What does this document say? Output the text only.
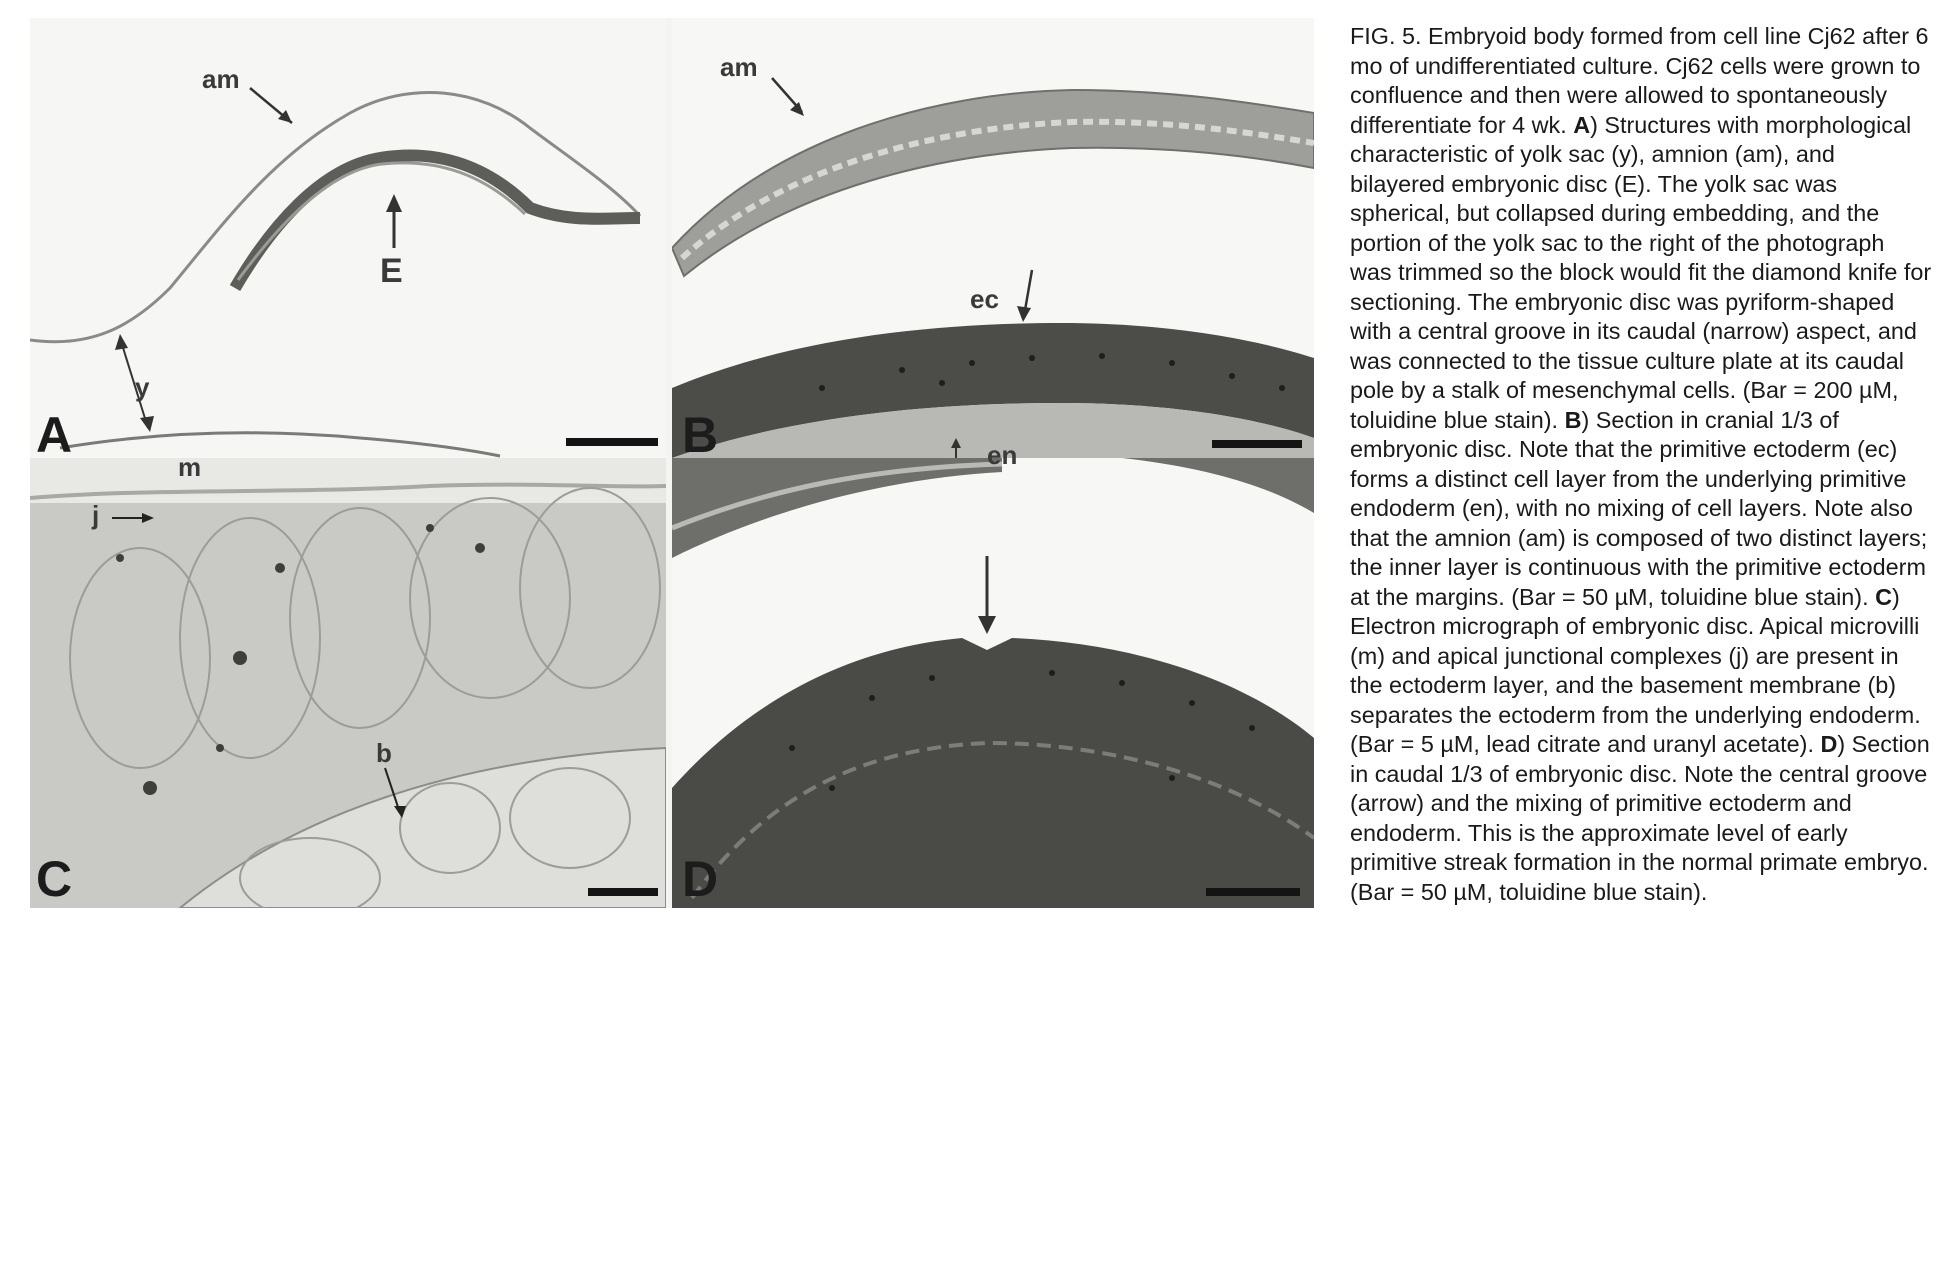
am
E
y
A
am
ec
B	en
m
j
b
C	D

FIG. 5. Embryoid body formed from cell line Cj62 after 6 mo of undifferentiated culture. Cj62 cells were grown to confluence and then were allowed to spontaneously differentiate for 4 wk. A) Structures with morphological characteristic of yolk sac (y), amnion (am), and bilayered embryonic disc (E). The yolk sac was spherical, but collapsed during embedding, and the portion of the yolk sac to the right of the photograph was trimmed so the block would fit the diamond knife for sectioning. The embryonic disc was pyriform-shaped with a central groove in its caudal (narrow) aspect, and was connected to the tissue culture plate at its caudal pole by a stalk of mesenchymal cells. (Bar = 200 µM, toluidine blue stain). B) Section in cranial 1/3 of embryonic disc. Note that the primitive ectoderm (ec) forms a distinct cell layer from the underlying primitive endoderm (en), with no mixing of cell layers. Note also that the amnion (am) is composed of two distinct layers; the inner layer is continuous with the primitive ectoderm at the margins. (Bar = 50 µM, toluidine blue stain). C) Electron micrograph of embryonic disc. Apical microvilli (m) and apical junctional complexes (j) are present in the ectoderm layer, and the basement membrane (b) separates the ectoderm from the underlying endoderm. (Bar = 5 µM, lead citrate and uranyl acetate). D) Section in caudal 1/3 of embryonic disc. Note the central groove (arrow) and the mixing of primitive ectoderm and endoderm. This is the approximate level of early primitive streak formation in the normal primate embryo. (Bar = 50 µM, toluidine blue stain).
